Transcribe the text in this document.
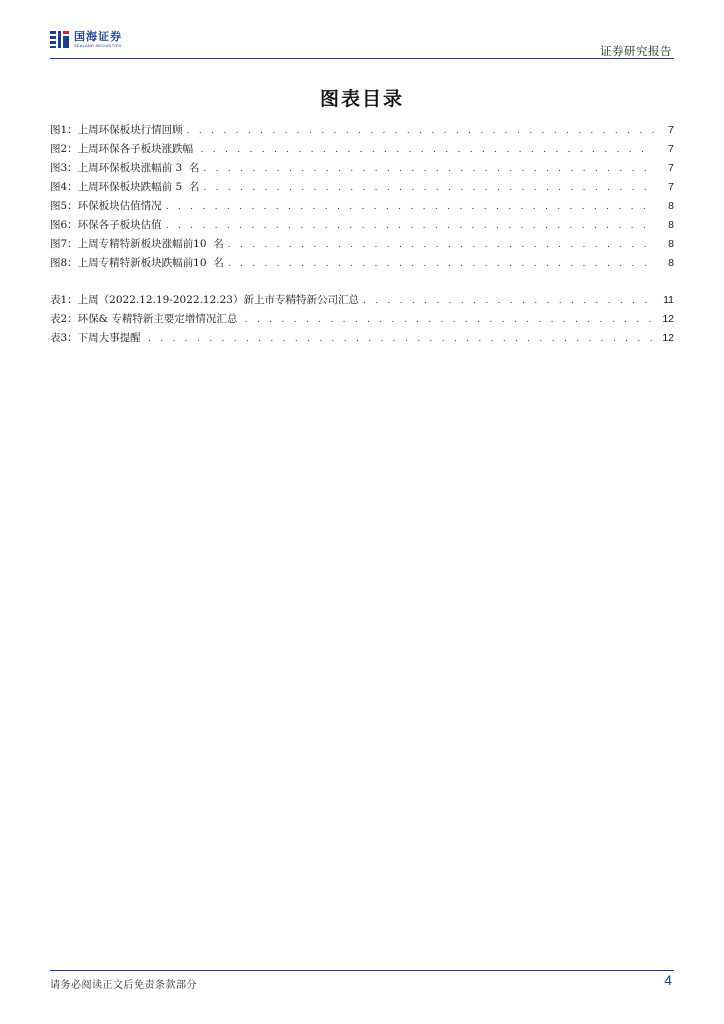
国海证券
SEALAND SECURITIES	证券研究报告
图表目录
图1：上周环保板块行情回顾 . . .	7
图2：上周环保各子板块涨跌幅 . . .	7
图3：上周环保板块涨幅前 3  名 . . .	7
图4：上周环保板块跌幅前 5  名 . . .	7
图5：环保板块估值情况 . . .	8
图6：环保各子板块估值 . . .	8
图7：上周专精特新板块涨幅前10  名 . . .	8
图8：上周专精特新板块跌幅前10  名 . . .	8
表1：上周（2022.12.19-2022.12.23）新上市专精特新公司汇总 . . .	11
表2：环保& 专精特新主要定增情况汇总 . . .	12
表3：下周大事提醒 . . .	12
请务必阅读正文后免责条款部分	4
